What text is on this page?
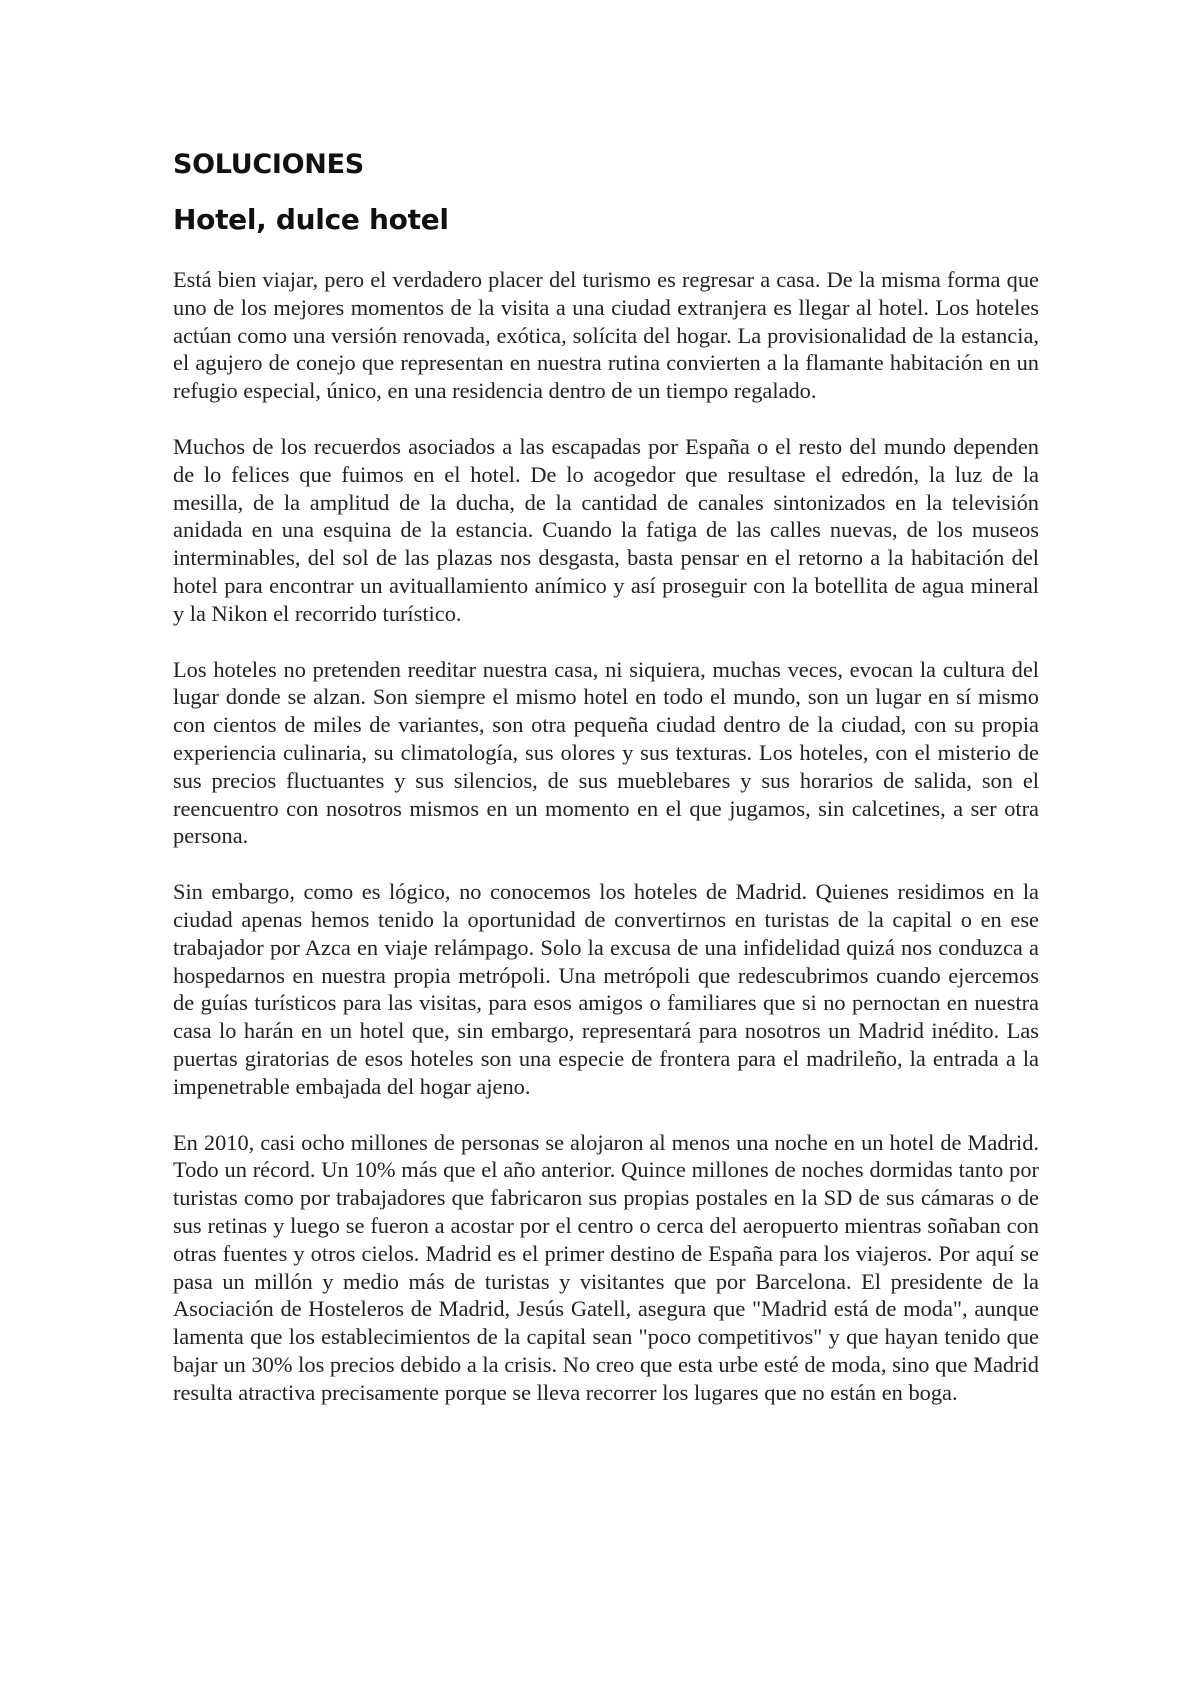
SOLUCIONES
Hotel, dulce hotel

Está bien viajar, pero el verdadero placer del turismo es regresar a casa. De la misma forma que uno de los mejores momentos de la visita a una ciudad extranjera es llegar al hotel. Los hoteles actúan como una versión renovada, exótica, solícita del hogar. La provisionalidad de la estancia, el agujero de conejo que representan en nuestra rutina convierten a la flamante habitación en un refugio especial, único, en una residencia dentro de un tiempo regalado.

Muchos de los recuerdos asociados a las escapadas por España o el resto del mundo dependen de lo felices que fuimos en el hotel. De lo acogedor que resultase el edredón, la luz de la mesilla, de la amplitud de la ducha, de la cantidad de canales sintonizados en la televisión anidada en una esquina de la estancia. Cuando la fatiga de las calles nuevas, de los museos interminables, del sol de las plazas nos desgasta, basta pensar en el retorno a la habitación del hotel para encontrar un avituallamiento anímico y así proseguir con la botellita de agua mineral y la Nikon el recorrido turístico.

Los hoteles no pretenden reeditar nuestra casa, ni siquiera, muchas veces, evocan la cultura del lugar donde se alzan. Son siempre el mismo hotel en todo el mundo, son un lugar en sí mismo con cientos de miles de variantes, son otra pequeña ciudad dentro de la ciudad, con su propia experiencia culinaria, su climatología, sus olores y sus texturas. Los hoteles, con el misterio de sus precios fluctuantes y sus silencios, de sus mueblebares y sus horarios de salida, son el reencuentro con nosotros mismos en un momento en el que jugamos, sin calcetines, a ser otra persona.

Sin embargo, como es lógico, no conocemos los hoteles de Madrid. Quienes residimos en la ciudad apenas hemos tenido la oportunidad de convertirnos en turistas de la capital o en ese trabajador por Azca en viaje relámpago. Solo la excusa de una infidelidad quizá nos conduzca a hospedarnos en nuestra propia metrópoli. Una metrópoli que redescubrimos cuando ejercemos de guías turísticos para las visitas, para esos amigos o familiares que si no pernoctan en nuestra casa lo harán en un hotel que, sin embargo, representará para nosotros un Madrid inédito. Las puertas giratorias de esos hoteles son una especie de frontera para el madrileño, la entrada a la impenetrable embajada del hogar ajeno.

En 2010, casi ocho millones de personas se alojaron al menos una noche en un hotel de Madrid. Todo un récord. Un 10% más que el año anterior. Quince millones de noches dormidas tanto por turistas como por trabajadores que fabricaron sus propias postales en la SD de sus cámaras o de sus retinas y luego se fueron a acostar por el centro o cerca del aeropuerto mientras soñaban con otras fuentes y otros cielos. Madrid es el primer destino de España para los viajeros. Por aquí se pasa un millón y medio más de turistas y visitantes que por Barcelona. El presidente de la Asociación de Hosteleros de Madrid, Jesús Gatell, asegura que "Madrid está de moda", aunque lamenta que los establecimientos de la capital sean "poco competitivos" y que hayan tenido que bajar un 30% los precios debido a la crisis. No creo que esta urbe esté de moda, sino que Madrid resulta atractiva precisamente porque se lleva recorrer los lugares que no están en boga.
